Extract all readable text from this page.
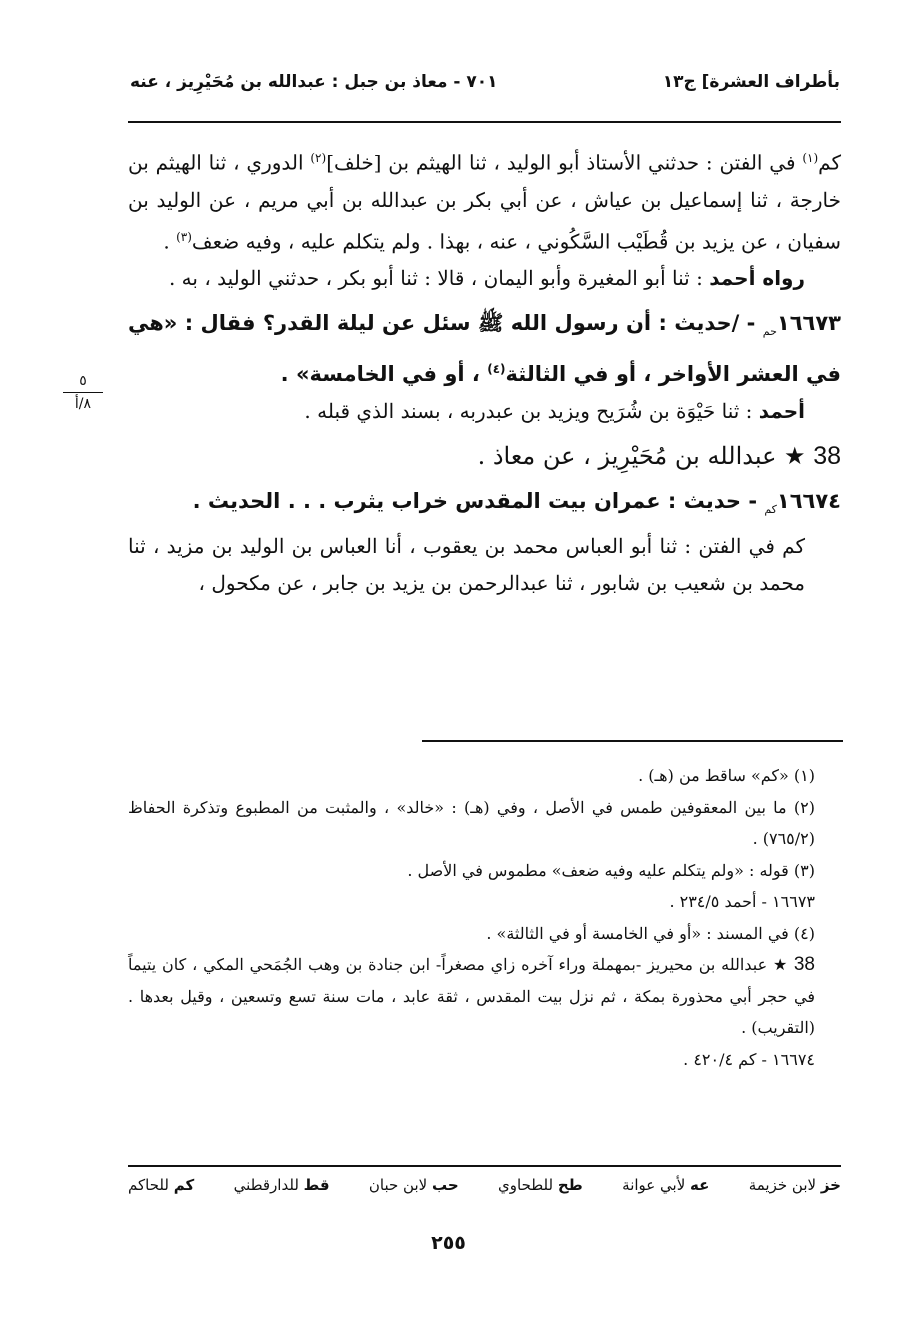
بأطراف العشرة] ج١٣
٧٠١ - معاذ بن جبل : عبدالله بن مُحَيْرِيز ، عنه
٥
٨/أ

كم$^{(١)}$ في الفتن : حدثني الأستاذ أبو الوليد ، ثنا الهيثم بن [خلف]$^{(٢)}$ الدوري ، ثنا الهيثم بن خارجة ، ثنا إسماعيل بن عياش ، عن أبي بكر بن عبدالله بن أبي مريم ، عن الوليد بن سفيان ، عن يزيد بن قُطَيْب السَّكُوني ، عنه ، بهذا . ولم يتكلم عليه ، وفيه ضعف$^{(٣)}$ .

رواه أحمد : ثنا أبو المغيرة وأبو اليمان ، قالا : ثنا أبو بكر ، حدثني الوليد ، به .

$١٦٦٧٣_{حم}$ - /حديث : أن رسول الله ﷺ سئل عن ليلة القدر؟ فقال : «هي في العشر الأواخر ، أو في الثالثة$^{(٤)}$ ، أو في الخامسة» .

أحمد : ثنا حَيْوَة بن شُرَيح ويزيد بن عبدربه ، بسند الذي قبله .

38 ★ عبدالله بن مُحَيْرِيز ، عن معاذ .

$١٦٦٧٤_{كم}$ - حديث : عمران بيت المقدس خراب يثرب . . . الحديث .

كم في الفتن : ثنا أبو العباس محمد بن يعقوب ، أنا العباس بن الوليد بن مزيد ، ثنا محمد بن شعيب بن شابور ، ثنا عبدالرحمن بن يزيد بن جابر ، عن مكحول ،

(١) «كم» ساقط من (هـ) .

(٢) ما بين المعقوفين طمس في الأصل ، وفي (هـ) : «خالد» ، والمثبت من المطبوع وتذكرة الحفاظ (٧٦٥/٢) .

(٣) قوله : «ولم يتكلم عليه وفيه ضعف» مطموس في الأصل .

١٦٦٧٣ - أحمد ٢٣٤/٥ .

(٤) في المسند : «أو في الخامسة أو في الثالثة» .

38 ★ عبدالله بن محيريز -بمهملة وراء آخره زاي مصغراً- ابن جنادة بن وهب الجُمَحي المكي ، كان يتيماً في حجر أبي محذورة بمكة ، ثم نزل بيت المقدس ، ثقة عابد ، مات سنة تسع وتسعين ، وقيل بعدها . (التقريب) .

١٦٦٧٤ - كم ٤٢٠/٤ .

خز لابن خزيمة
عه لأبي عوانة
طح للطحاوي
حب لابن حبان
قط للدارقطني
كم للحاكم
٢٥٥
